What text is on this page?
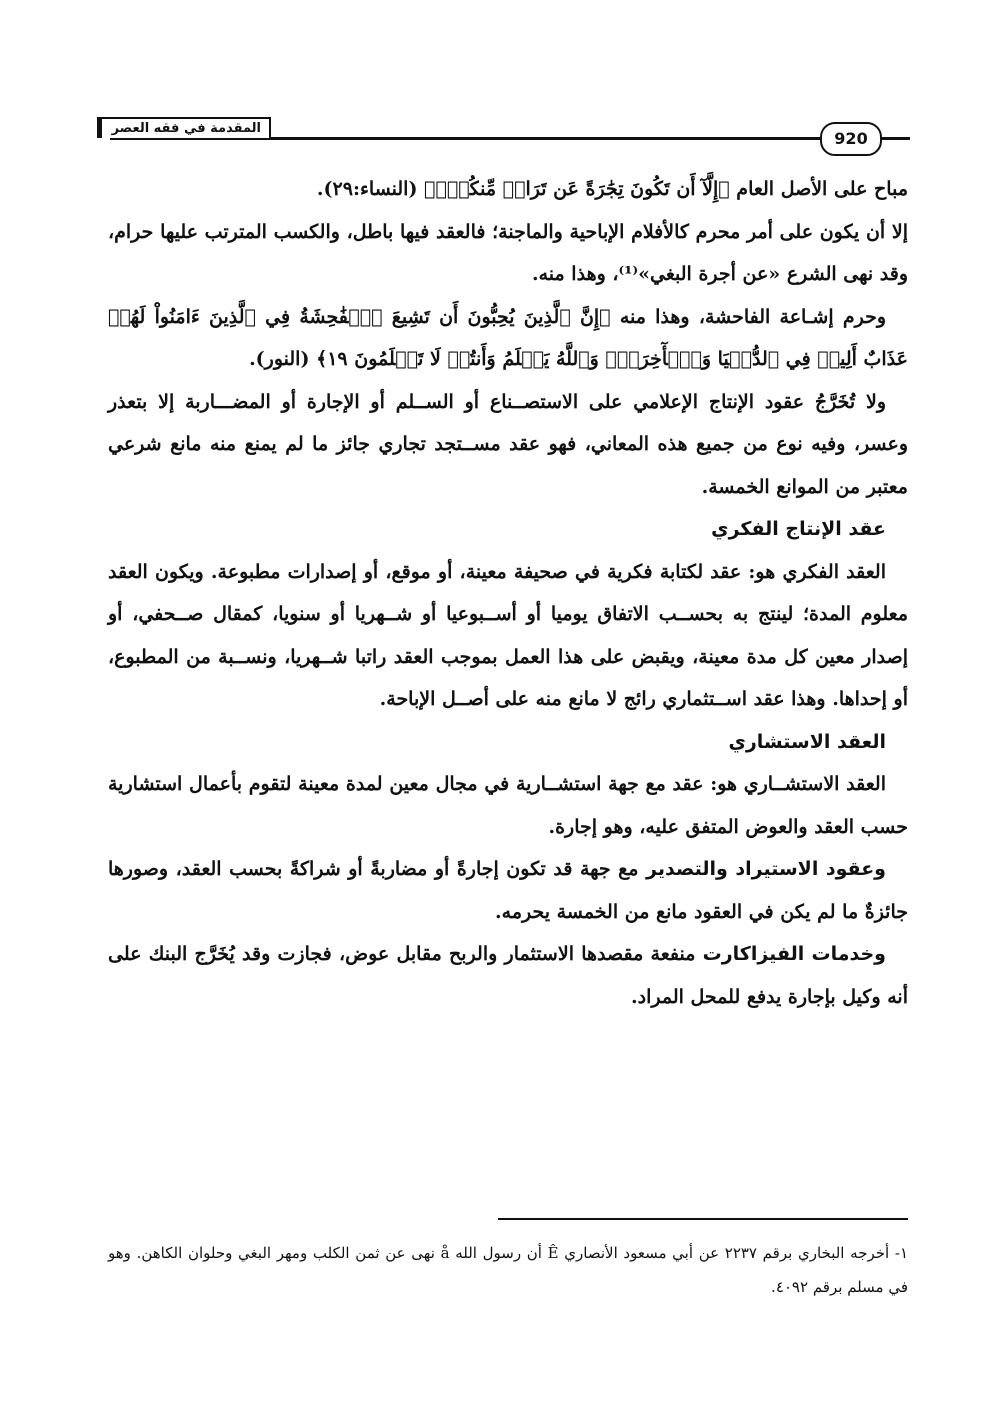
المقدمة في فقه العصر
920

مباح على الأصل العام ﴿إِلَّآ أَن تَكُونَ تِجَٰرَةً عَن تَرَاضٖ مِّنكُمۡۚ﴾ (النساء:٢٩).

إلا أن يكون على أمر محرم كالأفلام الإباحية والماجنة؛ فالعقد فيها باطل، والكسب المترتب عليها حرام، وقد نهى الشرع «عن أجرة البغي»⁽¹⁾، وهذا منه.

وحرم إشـاعة الفاحشة، وهذا منه ﴿إِنَّ ٱلَّذِينَ يُحِبُّونَ أَن تَشِيعَ ٱلۡفَٰحِشَةُ فِي ٱلَّذِينَ ءَامَنُواْ لَهُمۡ عَذَابٌ أَلِيمٞ فِي ٱلدُّنۡيَا وَٱلۡأٓخِرَةِۚ وَٱللَّهُ يَعۡلَمُ وَأَنتُمۡ لَا تَعۡلَمُونَ ١٩﴾ (النور).

ولا تُخَرَّجُ عقود الإنتاج الإعلامي على الاستصــناع أو الســلم أو الإجارة أو المضـــاربة إلا بتعذر وعسر، وفيه نوع من جميع هذه المعاني، فهو عقد مســتجد تجاري جائز ما لم يمنع منه مانع شرعي معتبر من الموانع الخمسة.

عقد الإنتاج الفكري

العقد الفكري هو: عقد لكتابة فكرية في صحيفة معينة، أو موقع، أو إصدارات مطبوعة. ويكون العقد معلوم المدة؛ لينتج به بحســب الاتفاق يوميا أو أســبوعيا أو شــهريا أو سنويا، كمقال صــحفي، أو إصدار معين كل مدة معينة، ويقبض على هذا العمل بموجب العقد راتبا شــهريا، ونســبة من المطبوع، أو إحداها. وهذا عقد اســتثماري رائج لا مانع منه على أصــل الإباحة.

العقد الاستشاري

العقد الاستشــاري هو: عقد مع جهة استشــارية في مجال معين لمدة معينة لتقوم بأعمال استشارية حسب العقد والعوض المتفق عليه، وهو إجارة.

وعقود الاستيراد والتصدير مع جهة قد تكون إجارةً أو مضاربةً أو شراكةً بحسب العقد، وصورها جائزةٌ ما لم يكن في العقود مانع من الخمسة يحرمه.

وخدمات الفيزاكارت منفعة مقصدها الاستثمار والربح مقابل عوض، فجازت وقد يُخَرَّج البنك على أنه وكيل بإجارة يدفع للمحل المراد.

١- أخرجه البخاري برقم ٢٢٣٧ عن أبي مسعود الأنصاري Ê أن رسول الله å نهى عن ثمن الكلب ومهر البغي وحلوان الكاهن. وهو في مسلم برقم ٤٠٩٢.
